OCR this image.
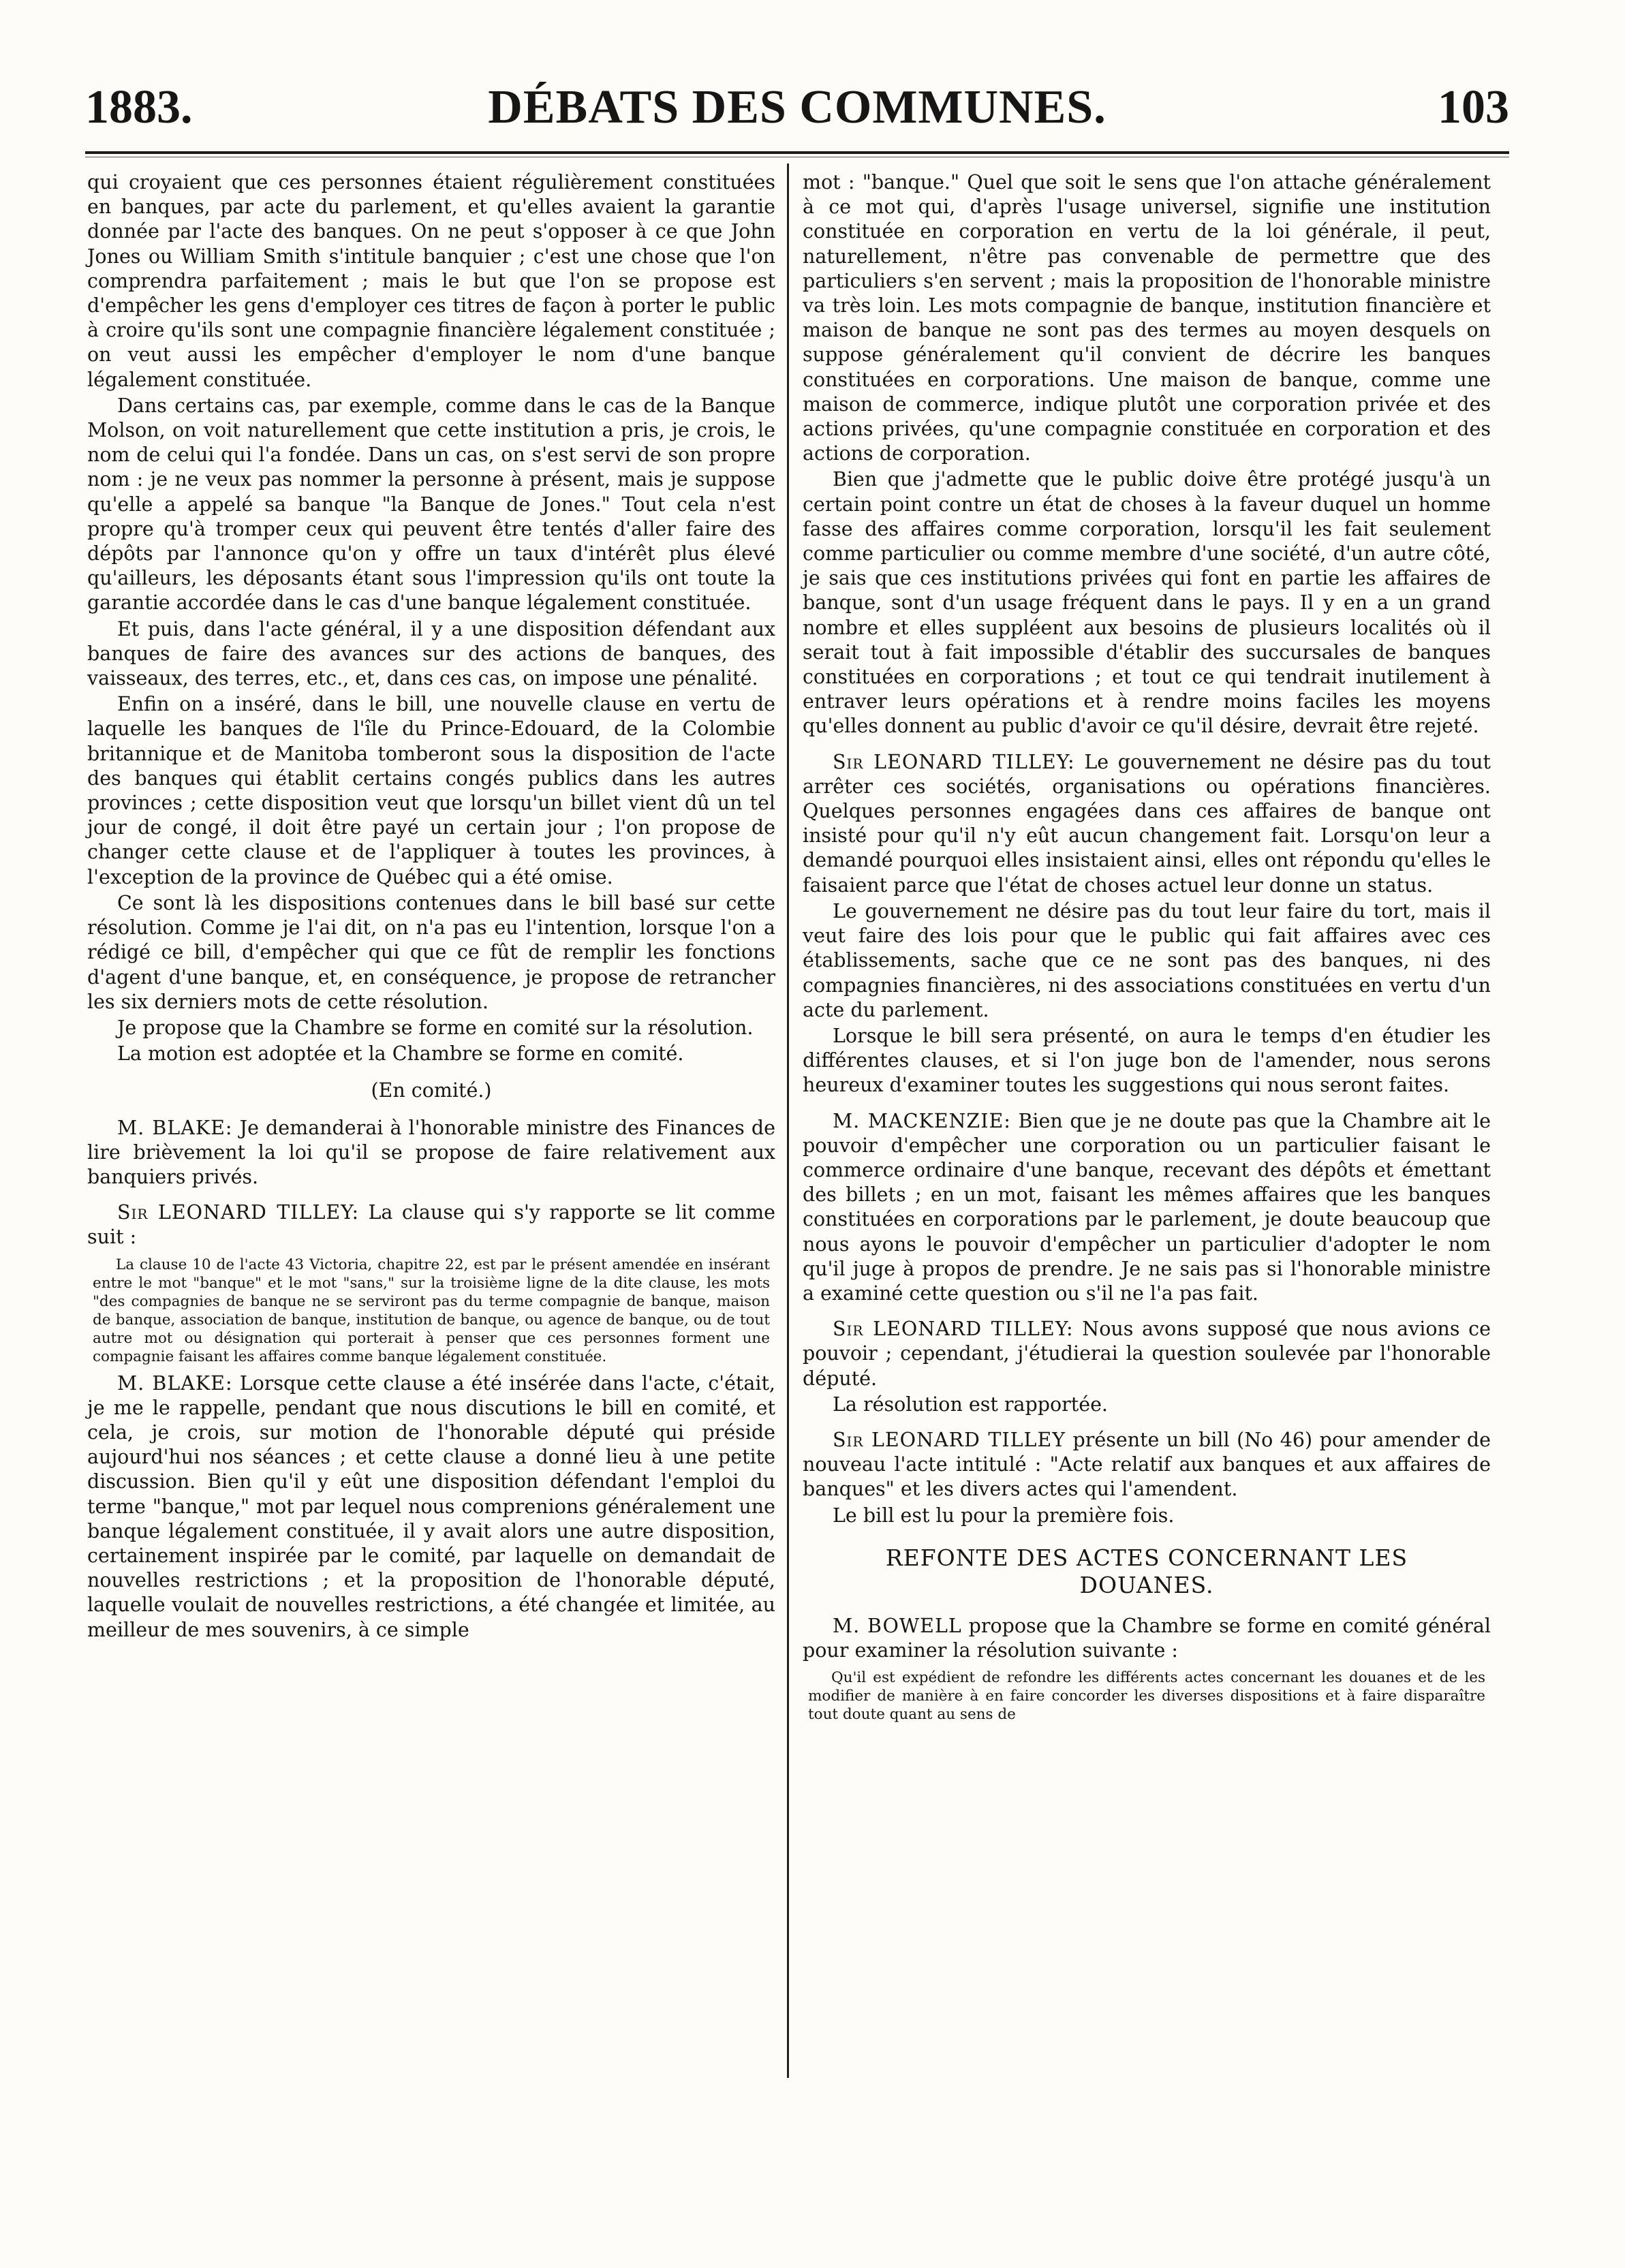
1883.	DÉBATS DES COMMUNES.	103

qui croyaient que ces personnes étaient régulièrement constituées en banques, par acte du parlement, et qu'elles avaient la garantie donnée par l'acte des banques. On ne peut s'opposer à ce que John Jones ou William Smith s'intitule banquier ; c'est une chose que l'on comprendra parfaitement ; mais le but que l'on se propose est d'empêcher les gens d'employer ces titres de façon à porter le public à croire qu'ils sont une compagnie financière légalement constituée ; on veut aussi les empêcher d'employer le nom d'une banque légalement constituée.

Dans certains cas, par exemple, comme dans le cas de la Banque Molson, on voit naturellement que cette institution a pris, je crois, le nom de celui qui l'a fondée. Dans un cas, on s'est servi de son propre nom : je ne veux pas nommer la personne à présent, mais je suppose qu'elle a appelé sa banque "la Banque de Jones." Tout cela n'est propre qu'à tromper ceux qui peuvent être tentés d'aller faire des dépôts par l'annonce qu'on y offre un taux d'intérêt plus élevé qu'ailleurs, les déposants étant sous l'impression qu'ils ont toute la garantie accordée dans le cas d'une banque légalement constituée.

Et puis, dans l'acte général, il y a une disposition défendant aux banques de faire des avances sur des actions de banques, des vaisseaux, des terres, etc., et, dans ces cas, on impose une pénalité.

Enfin on a inséré, dans le bill, une nouvelle clause en vertu de laquelle les banques de l'île du Prince-Edouard, de la Colombie britannique et de Manitoba tomberont sous la disposition de l'acte des banques qui établit certains congés publics dans les autres provinces ; cette disposition veut que lorsqu'un billet vient dû un tel jour de congé, il doit être payé un certain jour ; l'on propose de changer cette clause et de l'appliquer à toutes les provinces, à l'exception de la province de Québec qui a été omise.

Ce sont là les dispositions contenues dans le bill basé sur cette résolution. Comme je l'ai dit, on n'a pas eu l'intention, lorsque l'on a rédigé ce bill, d'empêcher qui que ce fût de remplir les fonctions d'agent d'une banque, et, en conséquence, je propose de retrancher les six derniers mots de cette résolution.

Je propose que la Chambre se forme en comité sur la résolution.

La motion est adoptée et la Chambre se forme en comité.

(En comité.)

M. BLAKE: Je demanderai à l'honorable ministre des Finances de lire brièvement la loi qu'il se propose de faire relativement aux banquiers privés.

Sir LEONARD TILLEY: La clause qui s'y rapporte se lit comme suit :

La clause 10 de l'acte 43 Victoria, chapitre 22, est par le présent amendée en insérant entre le mot "banque" et le mot "sans," sur la troisième ligne de la dite clause, les mots "des compagnies de banque ne se serviront pas du terme compagnie de banque, maison de banque, association de banque, institution de banque, ou agence de banque, ou de tout autre mot ou désignation qui porterait à penser que ces personnes forment une compagnie faisant les affaires comme banque légalement constituée.

M. BLAKE: Lorsque cette clause a été insérée dans l'acte, c'était, je me le rappelle, pendant que nous discutions le bill en comité, et cela, je crois, sur motion de l'honorable député qui préside aujourd'hui nos séances ; et cette clause a donné lieu à une petite discussion. Bien qu'il y eût une disposition défendant l'emploi du terme "banque," mot par lequel nous comprenions généralement une banque légalement constituée, il y avait alors une autre disposition, certainement inspirée par le comité, par laquelle on demandait de nouvelles restrictions ; et la proposition de l'honorable député, laquelle voulait de nouvelles restrictions, a été changée et limitée, au meilleur de mes souvenirs, à ce simple

mot : "banque." Quel que soit le sens que l'on attache généralement à ce mot qui, d'après l'usage universel, signifie une institution constituée en corporation en vertu de la loi générale, il peut, naturellement, n'être pas convenable de permettre que des particuliers s'en servent ; mais la proposition de l'honorable ministre va très loin. Les mots compagnie de banque, institution financière et maison de banque ne sont pas des termes au moyen desquels on suppose généralement qu'il convient de décrire les banques constituées en corporations. Une maison de banque, comme une maison de commerce, indique plutôt une corporation privée et des actions privées, qu'une compagnie constituée en corporation et des actions de corporation.

Bien que j'admette que le public doive être protégé jusqu'à un certain point contre un état de choses à la faveur duquel un homme fasse des affaires comme corporation, lorsqu'il les fait seulement comme particulier ou comme membre d'une société, d'un autre côté, je sais que ces institutions privées qui font en partie les affaires de banque, sont d'un usage fréquent dans le pays. Il y en a un grand nombre et elles suppléent aux besoins de plusieurs localités où il serait tout à fait impossible d'établir des succursales de banques constituées en corporations ; et tout ce qui tendrait inutilement à entraver leurs opérations et à rendre moins faciles les moyens qu'elles donnent au public d'avoir ce qu'il désire, devrait être rejeté.

Sir LEONARD TILLEY: Le gouvernement ne désire pas du tout arrêter ces sociétés, organisations ou opérations financières. Quelques personnes engagées dans ces affaires de banque ont insisté pour qu'il n'y eût aucun changement fait. Lorsqu'on leur a demandé pourquoi elles insistaient ainsi, elles ont répondu qu'elles le faisaient parce que l'état de choses actuel leur donne un status.

Le gouvernement ne désire pas du tout leur faire du tort, mais il veut faire des lois pour que le public qui fait affaires avec ces établissements, sache que ce ne sont pas des banques, ni des compagnies financières, ni des associations constituées en vertu d'un acte du parlement.

Lorsque le bill sera présenté, on aura le temps d'en étudier les différentes clauses, et si l'on juge bon de l'amender, nous serons heureux d'examiner toutes les suggestions qui nous seront faites.

M. MACKENZIE: Bien que je ne doute pas que la Chambre ait le pouvoir d'empêcher une corporation ou un particulier faisant le commerce ordinaire d'une banque, recevant des dépôts et émettant des billets ; en un mot, faisant les mêmes affaires que les banques constituées en corporations par le parlement, je doute beaucoup que nous ayons le pouvoir d'empêcher un particulier d'adopter le nom qu'il juge à propos de prendre. Je ne sais pas si l'honorable ministre a examiné cette question ou s'il ne l'a pas fait.

Sir LEONARD TILLEY: Nous avons supposé que nous avions ce pouvoir ; cependant, j'étudierai la question soulevée par l'honorable député.

La résolution est rapportée.

Sir LEONARD TILLEY présente un bill (No 46) pour amender de nouveau l'acte intitulé : "Acte relatif aux banques et aux affaires de banques" et les divers actes qui l'amendent.

Le bill est lu pour la première fois.

REFONTE DES ACTES CONCERNANT LES DOUANES.

M. BOWELL propose que la Chambre se forme en comité général pour examiner la résolution suivante :

Qu'il est expédient de refondre les différents actes concernant les douanes et de les modifier de manière à en faire concorder les diverses dispositions et à faire disparaître tout doute quant au sens de
